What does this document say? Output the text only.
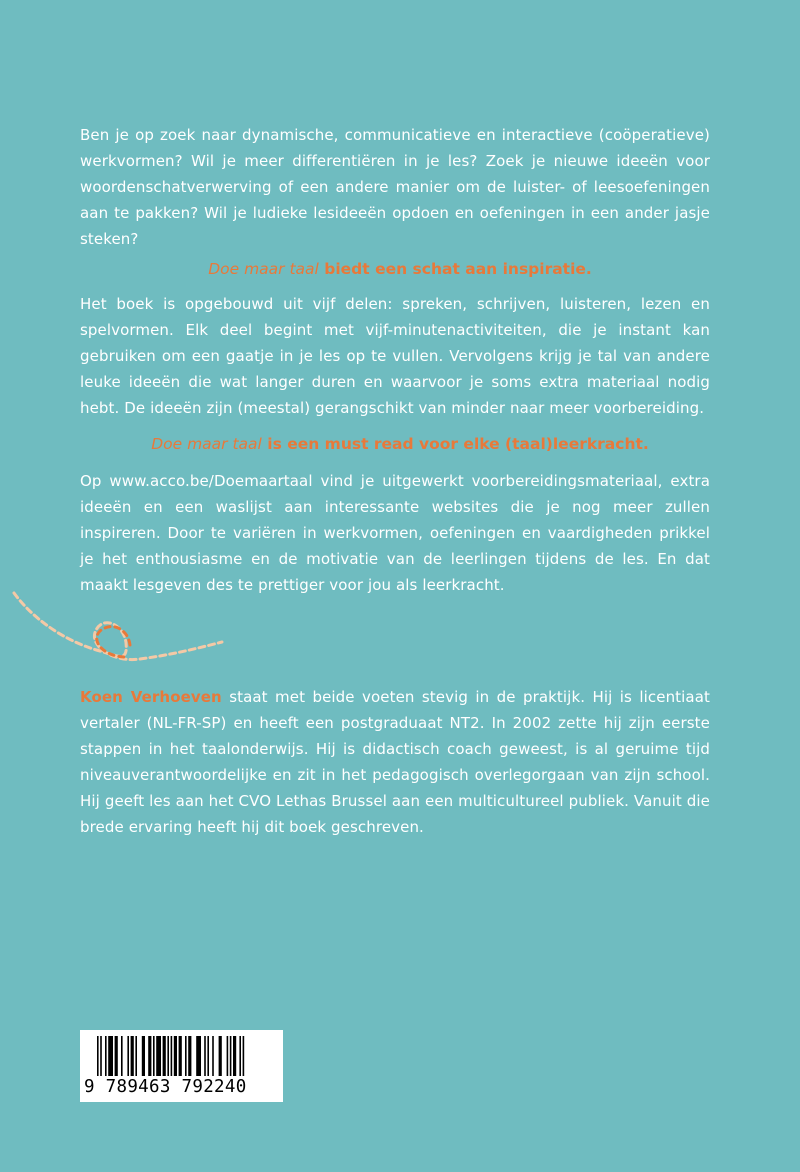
Ben je op zoek naar dynamische, communicatieve en interactieve (coöperatieve) werkvormen? Wil je meer differentiëren in je les? Zoek je nieuwe ideeën voor woordenschatverwerving of een andere manier om de luister- of leesoefeningen aan te pakken? Wil je ludieke lesideeën opdoen en oefeningen in een ander jasje steken?

Doe maar taal biedt een schat aan inspiratie.

Het boek is opgebouwd uit vijf delen: spreken, schrijven, luisteren, lezen en spelvormen. Elk deel begint met vijf-minutenactiviteiten, die je instant kan gebruiken om een gaatje in je les op te vullen. Vervolgens krijg je tal van andere leuke ideeën die wat langer duren en waarvoor je soms extra materiaal nodig hebt. De ideeën zijn (meestal) gerangschikt van minder naar meer voorbereiding.

Doe maar taal is een must read voor elke (taal)leerkracht.

Op www.acco.be/Doemaartaal vind je uitgewerkt voorbereidingsmateriaal, extra ideeën en een waslijst aan interessante websites die je nog meer zullen inspireren. Door te variëren in werkvormen, oefeningen en vaardigheden prikkel je het enthousiasme en de motivatie van de leerlingen tijdens de les. En dat maakt lesgeven des te prettiger voor jou als leerkracht.

Koen Verhoeven staat met beide voeten stevig in de praktijk. Hij is licentiaat vertaler (NL-FR-SP) en heeft een postgraduaat NT2. In 2002 zette hij zijn eerste stappen in het taalonderwijs. Hij is didactisch coach geweest, is al geruime tijd niveauverantwoordelijke en zit in het pedagogisch overlegorgaan van zijn school. Hij geeft les aan het CVO Lethas Brussel aan een multicultureel publiek. Vanuit die brede ervaring heeft hij dit boek geschreven.

9 789463 792240
